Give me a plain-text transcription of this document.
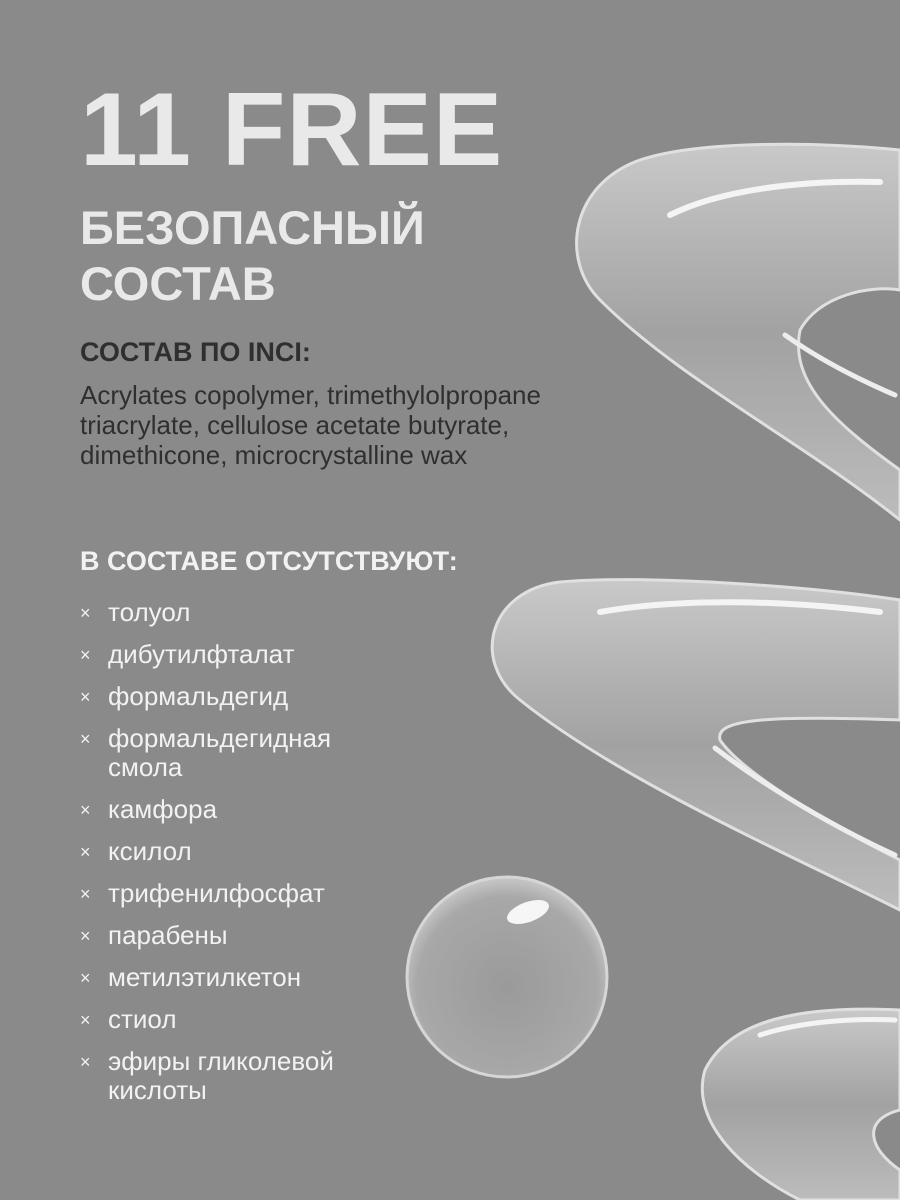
11 FREE
БЕЗОПАСНЫЙ
СОСТАВ
СОСТАВ ПО INCI:

Acrylates copolymer, trimethylolpropane triacrylate, cellulose acetate butyrate, dimethicone, microcrystalline wax

В СОСТАВЕ ОТСУТСТВУЮТ:
× толуол
× дибутилфталат
× формальдегид
× формальдегидная смола
× камфора
× ксилол
× трифенилфосфат
× парабены
× метилэтилкетон
× стиол
× эфиры гликолевой кислоты
